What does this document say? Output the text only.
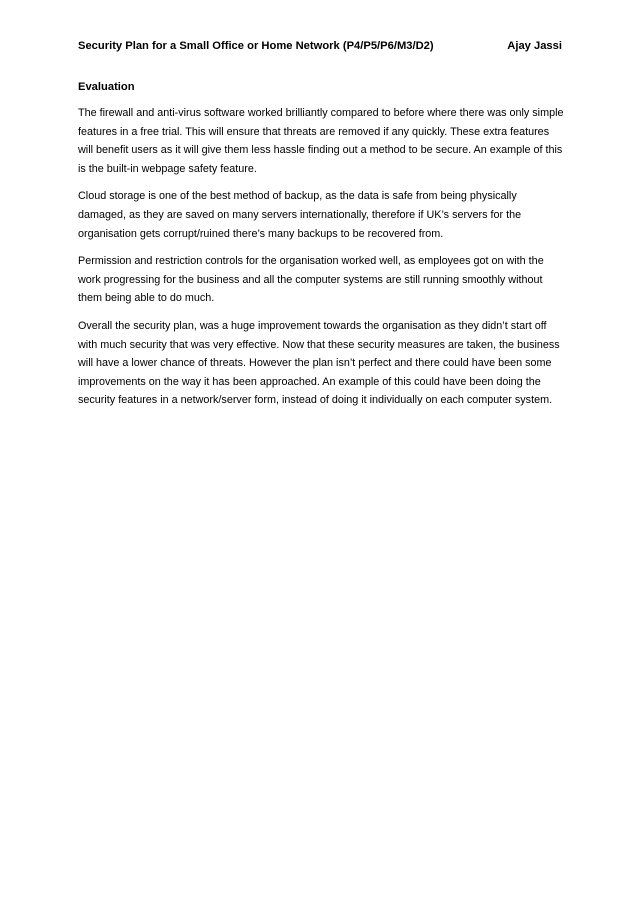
Security Plan for a Small Office or Home Network (P4/P5/P6/M3/D2)	Ajay Jassi
Evaluation

The firewall and anti-virus software worked brilliantly compared to before where there was only simple features in a free trial. This will ensure that threats are removed if any quickly. These extra features will benefit users as it will give them less hassle finding out a method to be secure. An example of this is the built-in webpage safety feature.

Cloud storage is one of the best method of backup, as the data is safe from being physically damaged, as they are saved on many servers internationally, therefore if UK’s servers for the organisation gets corrupt/ruined there’s many backups to be recovered from.

Permission and restriction controls for the organisation worked well, as employees got on with the work progressing for the business and all the computer systems are still running smoothly without them being able to do much.

Overall the security plan, was a huge improvement towards the organisation as they didn’t start off with much security that was very effective. Now that these security measures are taken, the business will have a lower chance of threats. However the plan isn’t perfect and there could have been some improvements on the way it has been approached. An example of this could have been doing the security features in a network/server form, instead of doing it individually on each computer system.
